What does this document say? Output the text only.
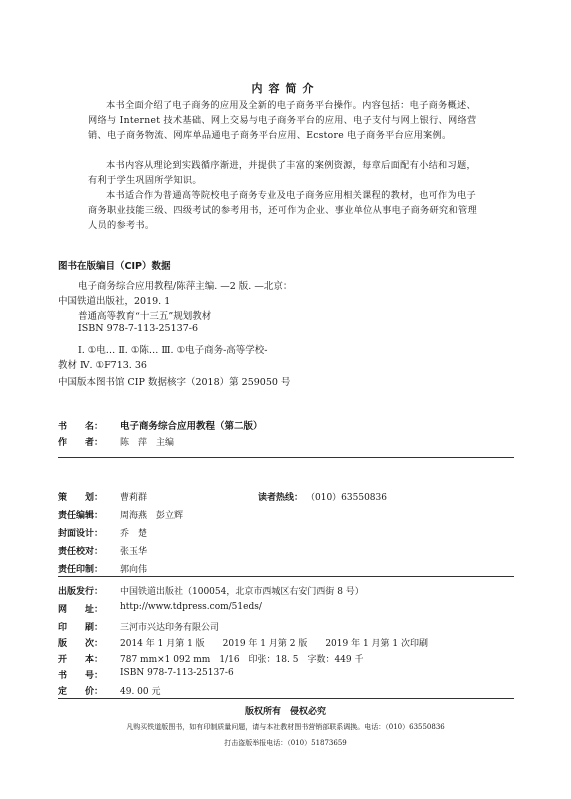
内容简介
本书全面介绍了电子商务的应用及全新的电子商务平台操作。内容包括：电子商务概述、网络与 Internet 技术基础、网上交易与电子商务平台的应用、电子支付与网上银行、网络营销、电子商务物流、网库单品通电子商务平台应用、Ecstore 电子商务平台应用案例。
本书内容从理论到实践循序渐进，并提供了丰富的案例资源，每章后面配有小结和习题，有利于学生巩固所学知识。
本书适合作为普通高等院校电子商务专业及电子商务应用相关课程的教材，也可作为电子商务职业技能三级、四级考试的参考用书，还可作为企业、事业单位从事电子商务研究和管理人员的参考书。
图书在版编目（CIP）数据
电子商务综合应用教程/陈萍主编. —2 版. —北京：
中国铁道出版社，2019. 1
普通高等教育“十三五”规划教材
ISBN 978-7-113-25137-6
Ⅰ. ①电… Ⅱ. ①陈… Ⅲ. ①电子商务-高等学校-
教材 Ⅳ. ①F713. 36
中国版本图书馆 CIP 数据核字（2018）第 259050 号
书　　名： 电子商务综合应用教程（第二版）
作　　者： 陈　萍　主编
策　　划： 曹莉群	读者热线： （010）63550836
责任编辑： 周海燕　彭立辉
封面设计： 乔　楚
责任校对： 张玉华
责任印制： 郭向伟
出版发行： 中国铁道出版社（100054，北京市西城区右安门西街 8 号）
网　　址： http://www.tdpress.com/51eds/
印　　刷： 三河市兴达印务有限公司
版　　次： 2014 年 1 月第 1 版　　2019 年 1 月第 2 版　　2019 年 1 月第 1 次印刷
开　　本： 787 mm×1 092 mm　1/16　印张：18. 5　字数：449 千
书　　号： ISBN 978-7-113-25137-6
定　　价： 49. 00 元
版权所有　侵权必究
凡购买铁道版图书，如有印制质量问题，请与本社教材图书营销部联系调换。电话：（010）63550836
打击盗版举报电话：（010）51873659
